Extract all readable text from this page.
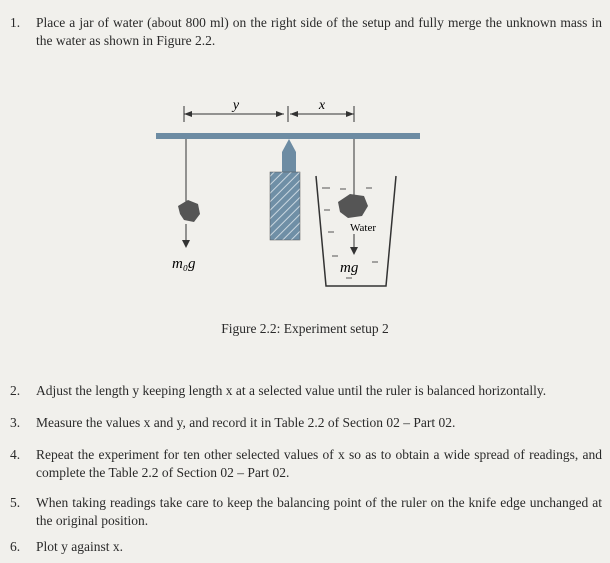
1. Place a jar of water (about 800 ml) on the right side of the setup and fully merge the unknown mass in the water as shown in Figure 2.2.
y	x
m₀g
Water
mg
Figure 2.2: Experiment setup 2
2. Adjust the length y keeping length x at a selected value until the ruler is balanced horizontally.
3. Measure the values x and y, and record it in Table 2.2 of Section 02 – Part 02.
4. Repeat the experiment for ten other selected values of x so as to obtain a wide spread of readings, and complete the Table 2.2 of Section 02 – Part 02.
5. When taking readings take care to keep the balancing point of the ruler on the knife edge unchanged at the original position.
6. Plot y against x.
